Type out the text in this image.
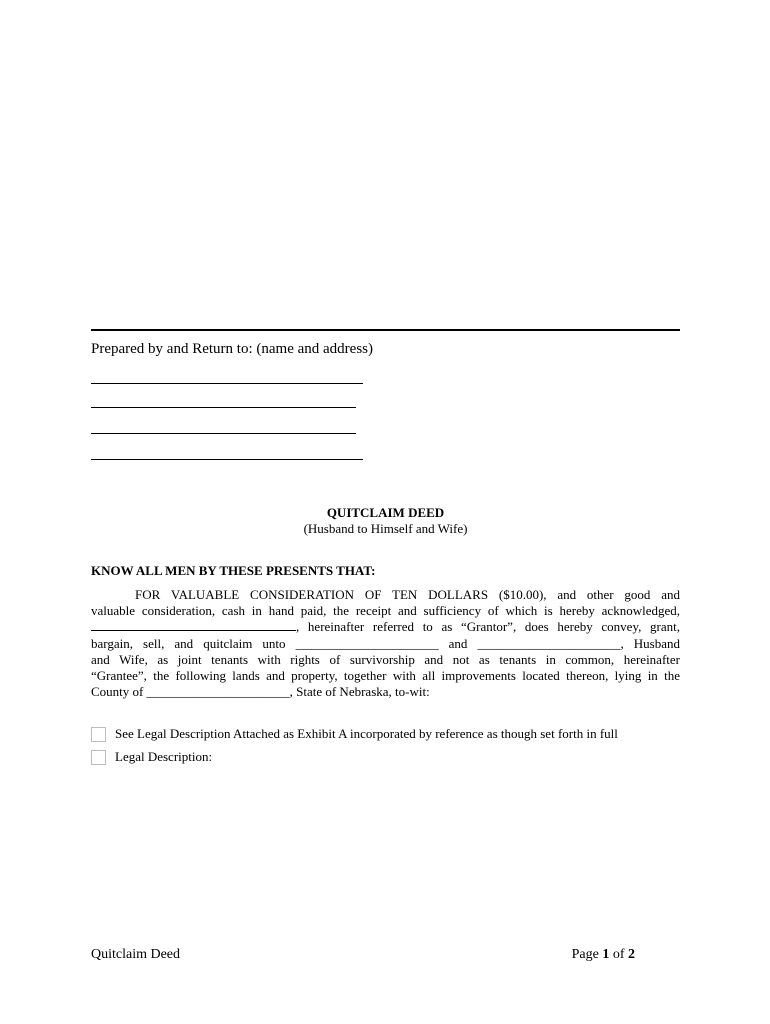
Prepared by and Return to: (name and address)
QUITCLAIM DEED
(Husband to Himself and Wife)
KNOW ALL MEN BY THESE PRESENTS THAT:
FOR VALUABLE CONSIDERATION OF TEN DOLLARS ($10.00), and other good and
valuable consideration, cash in hand paid, the receipt and sufficiency of which is hereby acknowledged,
, hereinafter referred to as “Grantor”, does hereby convey, grant,
bargain, sell, and quitclaim unto ______________________ and ______________________, Husband
and Wife, as joint tenants with rights of survivorship and not as tenants in common, hereinafter
“Grantee”, the following lands and property, together with all improvements located thereon, lying in the
County of ______________________, State of Nebraska, to-wit:
See Legal Description Attached as Exhibit A incorporated by reference as though set forth in full
Legal Description:
Quitclaim Deed	Page 1 of 2
